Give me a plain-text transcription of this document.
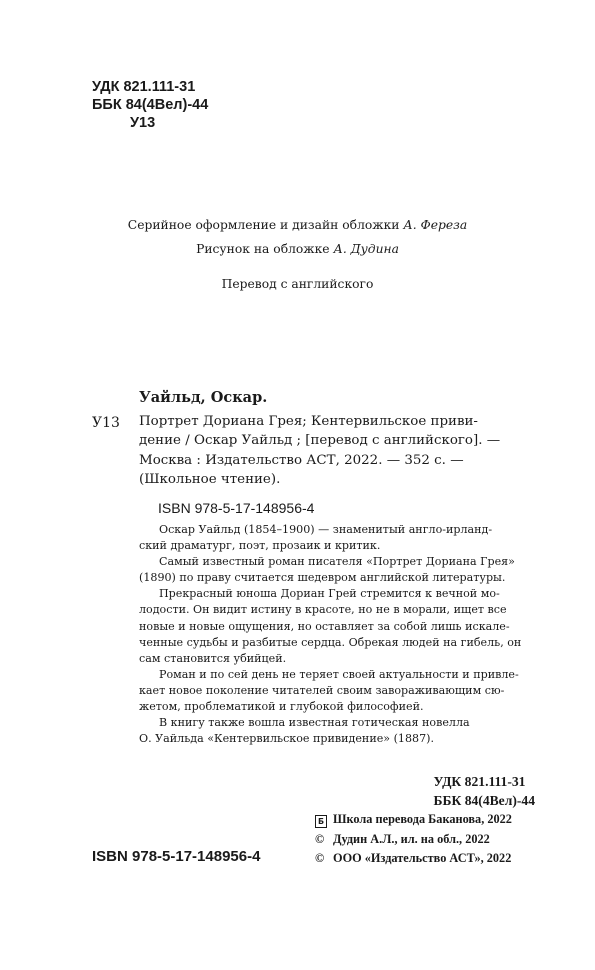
УДК 821.111-31
ББК 84(4Вел)-44
У13
Серийное оформление и дизайн обложки А. Фереза
Рисунок на обложке А. Дудина
Перевод с английского
Уайльд, Оскар.
У13 Портрет Дориана Грея; Кентервильское приви-
дение / Оскар Уайльд ; [перевод с английского]. —
Москва : Издательство АСТ, 2022. — 352 с. —
(Школьное чтение).
ISBN 978-5-17-148956-4
Оскар Уайльд (1854–1900) — знаменитый англо-ирланд-
ский драматург, поэт, прозаик и критик.
Самый известный роман писателя «Портрет Дориана Грея»
(1890) по праву считается шедевром английской литературы.
Прекрасный юноша Дориан Грей стремится к вечной мо-
лодости. Он видит истину в красоте, но не в морали, ищет все
новые и новые ощущения, но оставляет за собой лишь искале-
ченные судьбы и разбитые сердца. Обрекая людей на гибель, он
сам становится убийцей.
Роман и по сей день не теряет своей актуальности и привле-
кает новое поколение читателей своим завораживающим сю-
жетом, проблематикой и глубокой философией.
В книгу также вошла известная готическая новелла
О. Уайльда «Кентервильское привидение» (1887).
УДК 821.111-31
ББК 84(4Вел)-44
ISBN 978-5-17-148956-4
Б Школа перевода Баканова, 2022
© Дудин А.Л., ил. на обл., 2022
© ООО «Издательство АСТ», 2022
